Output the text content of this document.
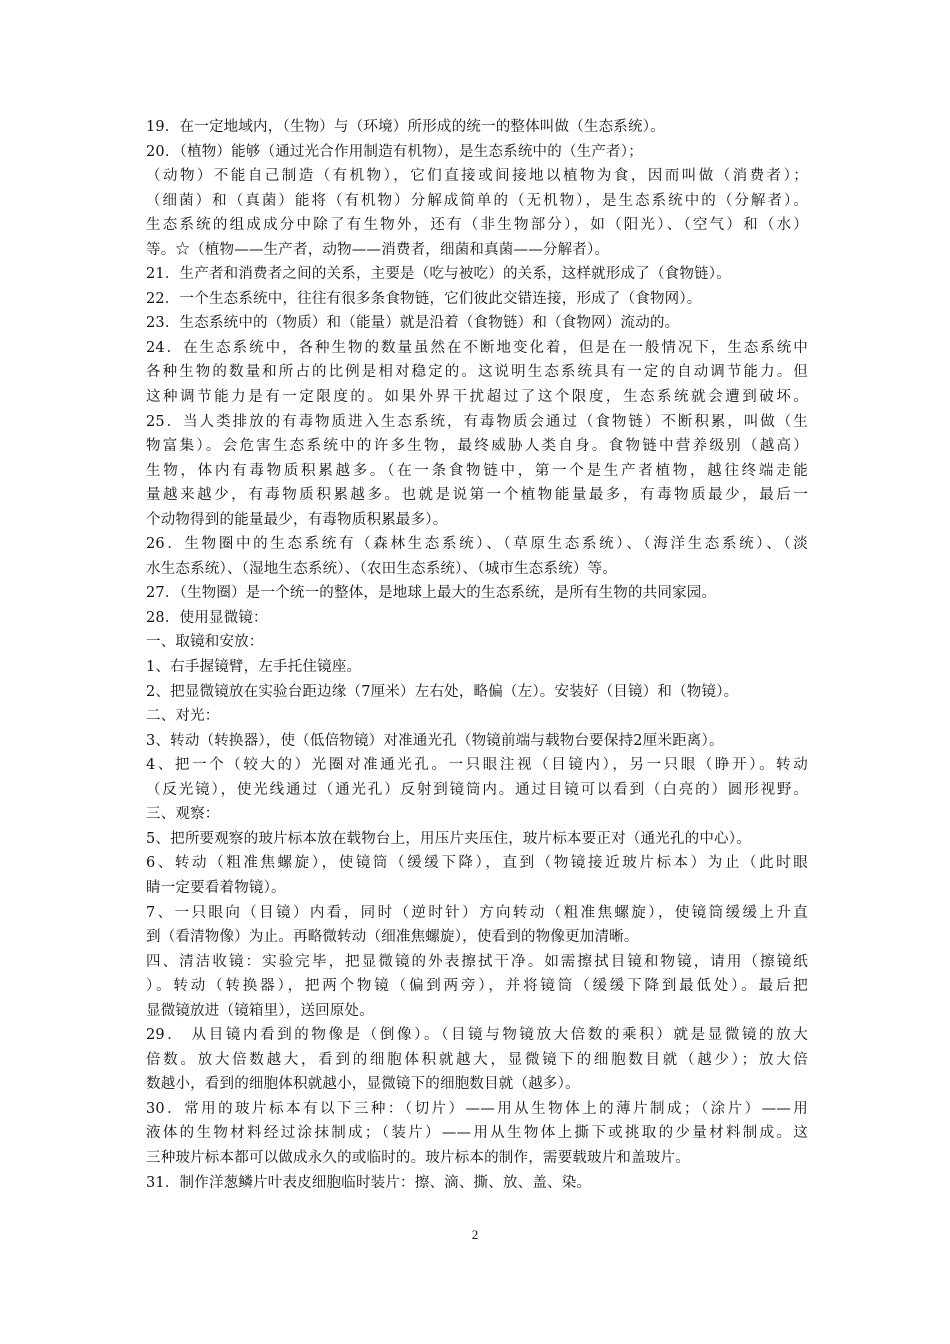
19．在一定地域内，（生物）与（环境）所形成的统一的整体叫做（生态系统）。
20．（植物）能够（通过光合作用制造有机物），是生态系统中的（生产者）；
（动物）不能自己制造（有机物），它们直接或间接地以植物为食，因而叫做（消费者）；
（细菌）和（真菌）能将（有机物）分解成简单的（无机物），是生态系统中的（分解者）。
生态系统的组成成分中除了有生物外，还有（非生物部分），如（阳光）、（空气）和（水）
等。☆（植物——生产者，动物——消费者，细菌和真菌——分解者）。
21．生产者和消费者之间的关系，主要是（吃与被吃）的关系，这样就形成了（食物链）。
22．一个生态系统中，往往有很多条食物链，它们彼此交错连接，形成了（食物网）。
23．生态系统中的（物质）和（能量）就是沿着（食物链）和（食物网）流动的。
24．在生态系统中，各种生物的数量虽然在不断地变化着，但是在一般情况下，生态系统中
各种生物的数量和所占的比例是相对稳定的。这说明生态系统具有一定的自动调节能力。但
这种调节能力是有一定限度的。如果外界干扰超过了这个限度，生态系统就会遭到破坏。
25．当人类排放的有毒物质进入生态系统，有毒物质会通过（食物链）不断积累，叫做（生
物富集）。会危害生态系统中的许多生物，最终威胁人类自身。食物链中营养级别（越高）
生物，体内有毒物质积累越多。（在一条食物链中，第一个是生产者植物，越往终端走能
量越来越少，有毒物质积累越多。也就是说第一个植物能量最多，有毒物质最少，最后一
个动物得到的能量最少，有毒物质积累最多）。
26．生物圈中的生态系统有（森林生态系统）、（草原生态系统）、（海洋生态系统）、（淡
水生态系统）、（湿地生态系统）、（农田生态系统）、（城市生态系统）等。
27．（生物圈）是一个统一的整体，是地球上最大的生态系统，是所有生物的共同家园。
28．使用显微镜：
一、取镜和安放：
1、右手握镜臂，左手托住镜座。
2、把显微镜放在实验台距边缘（7厘米）左右处，略偏（左）。安装好（目镜）和（物镜）。
二、对光：
3、转动（转换器），使（低倍物镜）对准通光孔（物镜前端与载物台要保持2厘米距离）。
4、把一个（较大的）光圈对准通光孔。一只眼注视（目镜内），另一只眼（睁开）。转动
（反光镜），使光线通过（通光孔）反射到镜筒内。通过目镜可以看到（白亮的）圆形视野。
三、观察：
5、把所要观察的玻片标本放在载物台上，用压片夹压住，玻片标本要正对（通光孔的中心）。
6、转动（粗准焦螺旋），使镜筒（缓缓下降），直到（物镜接近玻片标本）为止（此时眼
睛一定要看着物镜）。
7、一只眼向（目镜）内看，同时（逆时针）方向转动（粗准焦螺旋），使镜筒缓缓上升直
到（看清物像）为止。再略微转动（细准焦螺旋），使看到的物像更加清晰。
四、清洁收镜：实验完毕，把显微镜的外表擦拭干净。如需擦拭目镜和物镜，请用（擦镜纸
）。转动（转换器），把两个物镜（偏到两旁），并将镜筒（缓缓下降到最低处）。最后把
显微镜放进（镜箱里），送回原处。
29． 从目镜内看到的物像是（倒像）。（目镜与物镜放大倍数的乘积）就是显微镜的放大
倍数。放大倍数越大，看到的细胞体积就越大，显微镜下的细胞数目就（越少）；放大倍
数越小，看到的细胞体积就越小，显微镜下的细胞数目就（越多）。
30．常用的玻片标本有以下三种：（切片）——用从生物体上的薄片制成；（涂片）——用
液体的生物材料经过涂抹制成；（装片）——用从生物体上撕下或挑取的少量材料制成。这
三种玻片标本都可以做成永久的或临时的。玻片标本的制作，需要载玻片和盖玻片。
31．制作洋葱鳞片叶表皮细胞临时装片：擦、滴、撕、放、盖、染。
2
